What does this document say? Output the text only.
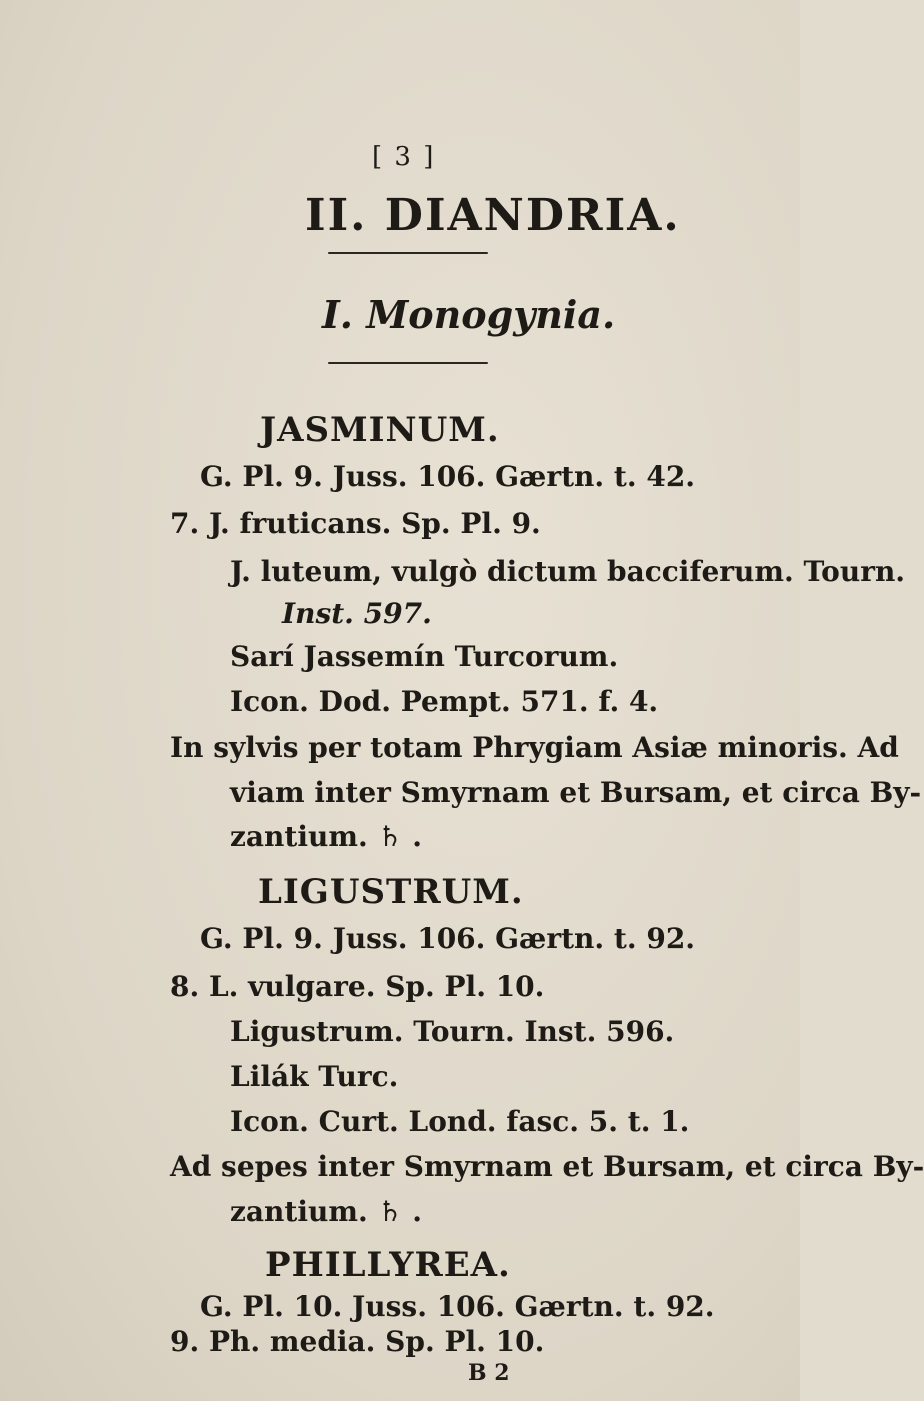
[ 3 ]
II. DIANDRIA.
I. Monogynia.
JASMINUM.
G. Pl. 9. Juss. 106. Gærtn. t. 42.
7. J. fruticans. Sp. Pl. 9.
J. luteum, vulgò dictum bacciferum. Tourn.
Inst. 597.
Sarí Jassemín Turcorum.
Icon. Dod. Pempt. 571. f. 4.
In sylvis per totam Phrygiam Asiæ minoris. Ad
viam inter Smyrnam et Bursam, et circa By-
zantium. ♄ .
LIGUSTRUM.
G. Pl. 9. Juss. 106. Gærtn. t. 92.
8. L. vulgare. Sp. Pl. 10.
Ligustrum. Tourn. Inst. 596.
Lilák Turc.
Icon. Curt. Lond. fasc. 5. t. 1.
Ad sepes inter Smyrnam et Bursam, et circa By-
zantium. ♄ .
PHILLYREA.
B 2
G. Pl. 10. Juss. 106. Gærtn. t. 92.
9. Ph. media. Sp. Pl. 10.
